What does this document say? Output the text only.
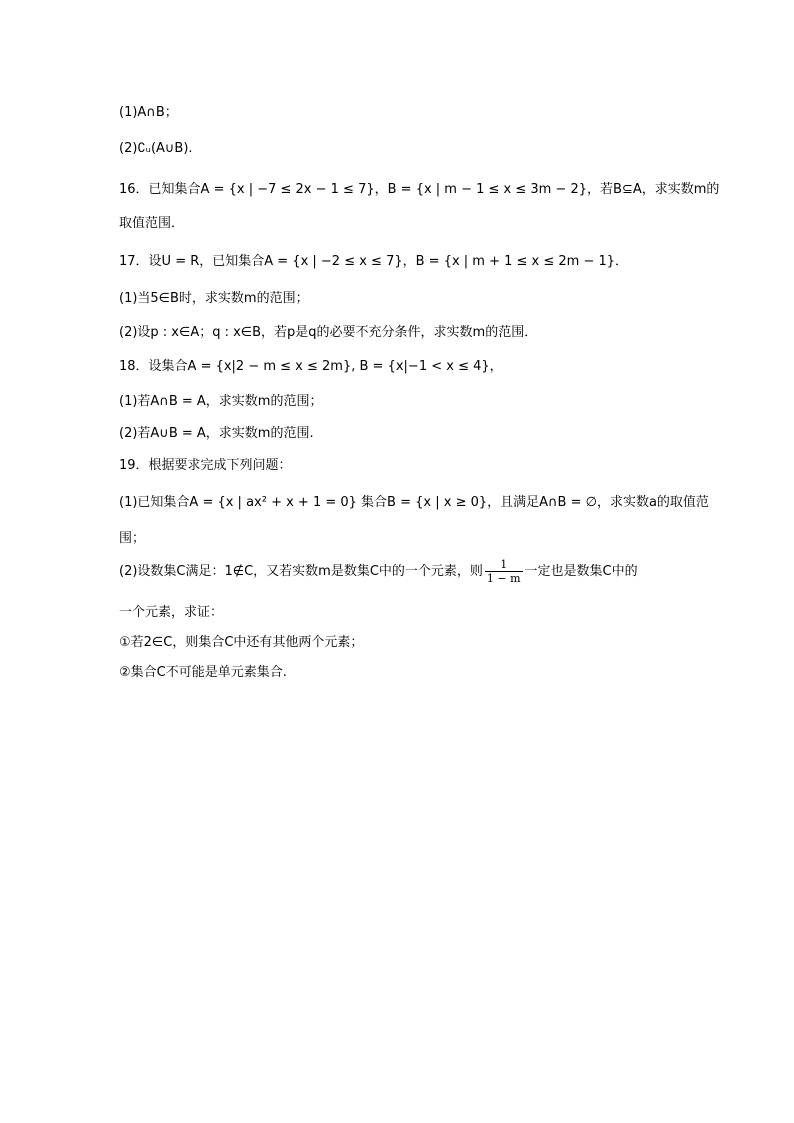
(1)A∩B；
(2)∁ᵤ(A∪B).
16．已知集合A = {x | −7 ≤ 2x − 1 ≤ 7}，B = {x | m − 1 ≤ x ≤ 3m − 2}，若B⊆A，求实数m的
取值范围．
17．设U = R，已知集合A = {x | −2 ≤ x ≤ 7}，B = {x | m + 1 ≤ x ≤ 2m − 1}．
(1)当5∈B时，求实数m的范围；
(2)设p : x∈A；q : x∈B，若p是q的必要不充分条件，求实数m的范围．
18．设集合A = {x|2 − m ≤ x ≤ 2m}, B = {x|−1 < x ≤ 4}，
(1)若A∩B = A，求实数m的范围；
(2)若A∪B = A，求实数m的范围.
19．根据要求完成下列问题：
(1)已知集合A = {x | ax² + x + 1 = 0} 集合B = {x | x ≥ 0}，且满足A∩B = ∅，求实数a的取值范
围；
(2)设数集C满足：1∉C，又若实数m是数集C中的一个元素，则 $\frac{1}{1 - m}$ 一定也是数集C中的
一个元素，求证：
①若2∈C，则集合C中还有其他两个元素；
②集合C不可能是单元素集合.
